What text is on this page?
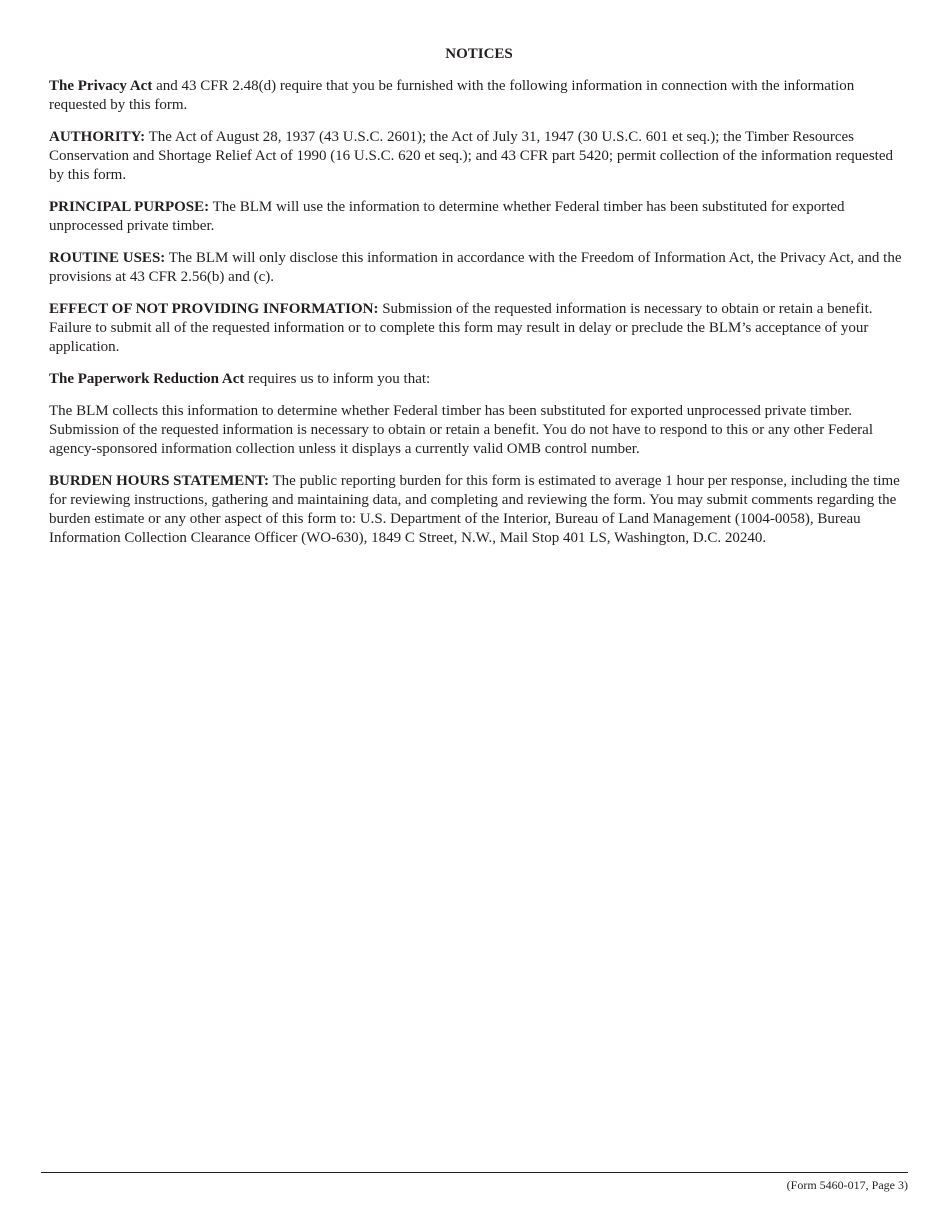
NOTICES

The Privacy Act and 43 CFR 2.48(d) require that you be furnished with the following information in connection with the information requested by this form.

AUTHORITY: The Act of August 28, 1937 (43 U.S.C. 2601); the Act of July 31, 1947 (30 U.S.C. 601 et seq.); the Timber Resources Conservation and Shortage Relief Act of 1990 (16 U.S.C. 620 et seq.); and 43 CFR part 5420; permit collection of the information requested by this form.

PRINCIPAL PURPOSE: The BLM will use the information to determine whether Federal timber has been substituted for exported unprocessed private timber.

ROUTINE USES: The BLM will only disclose this information in accordance with the Freedom of Information Act, the Privacy Act, and the provisions at 43 CFR 2.56(b) and (c).

EFFECT OF NOT PROVIDING INFORMATION: Submission of the requested information is necessary to obtain or retain a benefit. Failure to submit all of the requested information or to complete this form may result in delay or preclude the BLM’s acceptance of your application.

The Paperwork Reduction Act requires us to inform you that:

The BLM collects this information to determine whether Federal timber has been substituted for exported unprocessed private timber. Submission of the requested information is necessary to obtain or retain a benefit. You do not have to respond to this or any other Federal agency-sponsored information collection unless it displays a currently valid OMB control number.

BURDEN HOURS STATEMENT: The public reporting burden for this form is estimated to average 1 hour per response, including the time for reviewing instructions, gathering and maintaining data, and completing and reviewing the form. You may submit comments regarding the burden estimate or any other aspect of this form to: U.S. Department of the Interior, Bureau of Land Management (1004-0058), Bureau Information Collection Clearance Officer (WO-630), 1849 C Street, N.W., Mail Stop 401 LS, Washington, D.C. 20240.

(Form 5460-017, Page 3)
